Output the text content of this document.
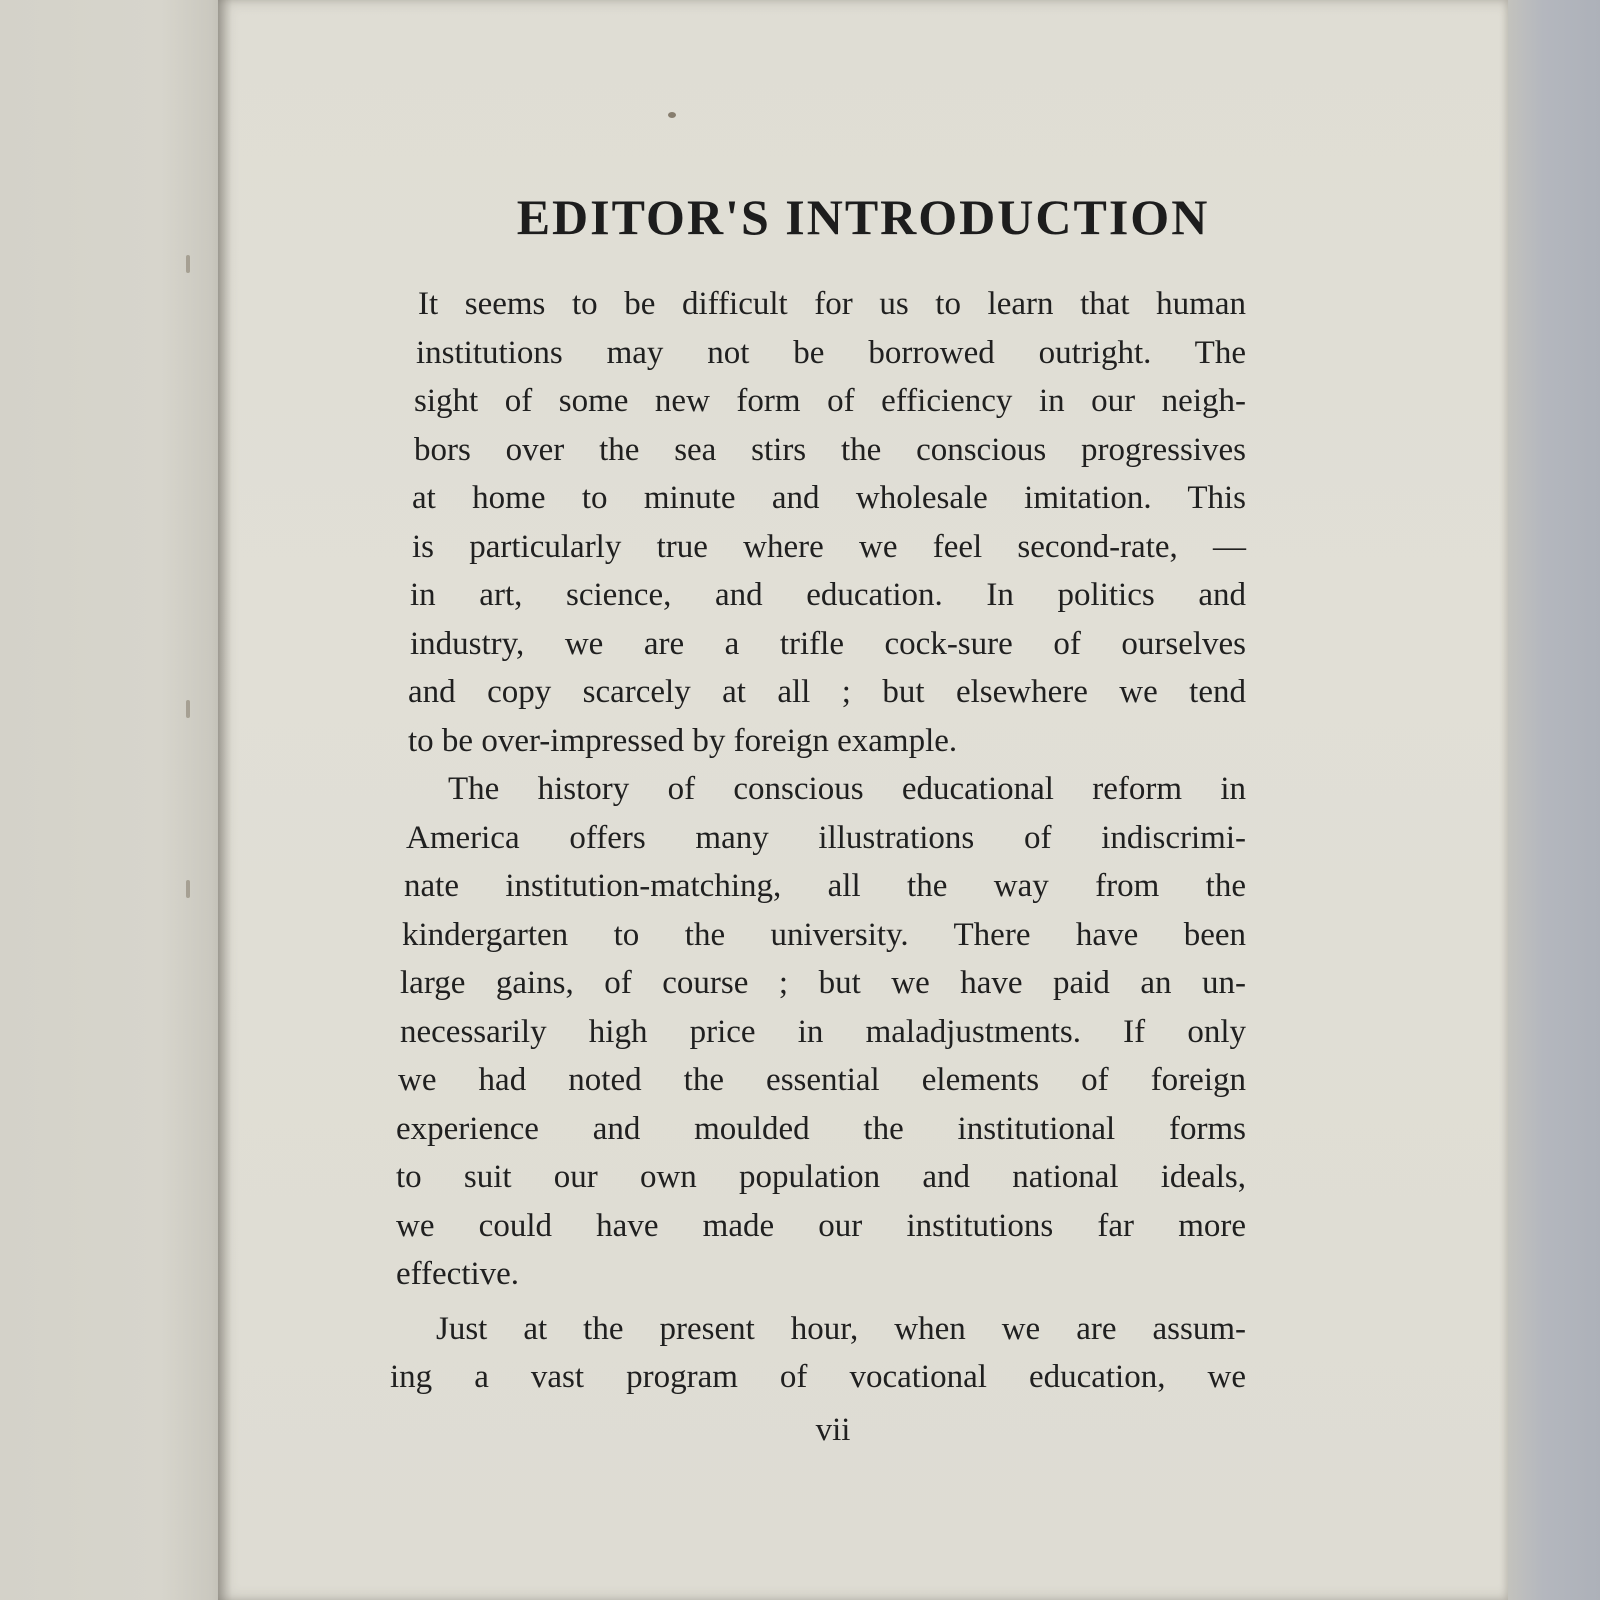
EDITOR'S INTRODUCTION
It seems to be difficult for us to learn that human
institutions may not be borrowed outright. The
sight of some new form of efficiency in our neigh-
bors over the sea stirs the conscious progressives
at home to minute and wholesale imitation. This
is particularly true where we feel second-rate, —
in art, science, and education. In politics and
industry, we are a trifle cock-sure of ourselves
and copy scarcely at all ; but elsewhere we tend
to be over-impressed by foreign example.
The history of conscious educational reform in
America offers many illustrations of indiscrimi-
nate institution-matching, all the way from the
kindergarten to the university. There have been
large gains, of course ; but we have paid an un-
necessarily high price in maladjustments. If only
we had noted the essential elements of foreign
experience and moulded the institutional forms
to suit our own population and national ideals,
we could have made our institutions far more
effective.
Just at the present hour, when we are assum-
ing a vast program of vocational education, we
vii
